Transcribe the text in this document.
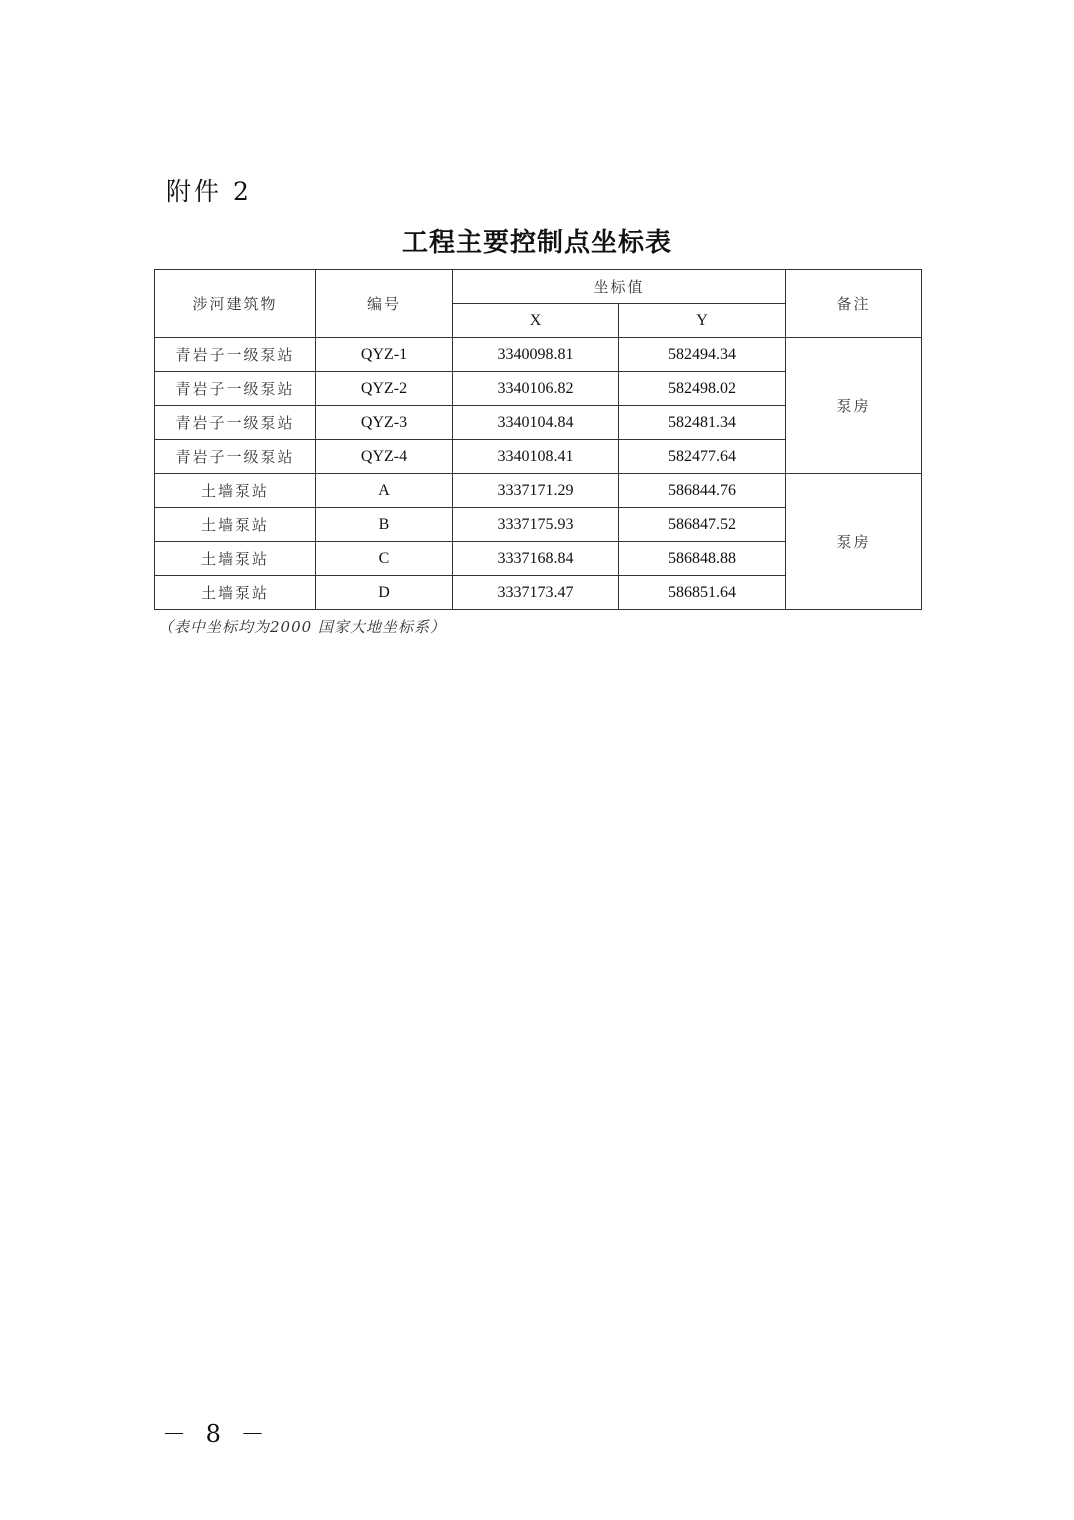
附件 2
工程主要控制点坐标表
涉河建筑物	编号	坐标值		备注
		X	Y	
青岩子一级泵站	QYZ-1	3340098.81	582494.34	泵房
青岩子一级泵站	QYZ-2	3340106.82	582498.02	
青岩子一级泵站	QYZ-3	3340104.84	582481.34	
青岩子一级泵站	QYZ-4	3340108.41	582477.64	
土墙泵站	A	3337171.29	586844.76	泵房
土墙泵站	B	3337175.93	586847.52	
土墙泵站	C	3337168.84	586848.88	
土墙泵站	D	3337173.47	586851.64	
（表中坐标均为2000 国家大地坐标系）
－ 8 －
